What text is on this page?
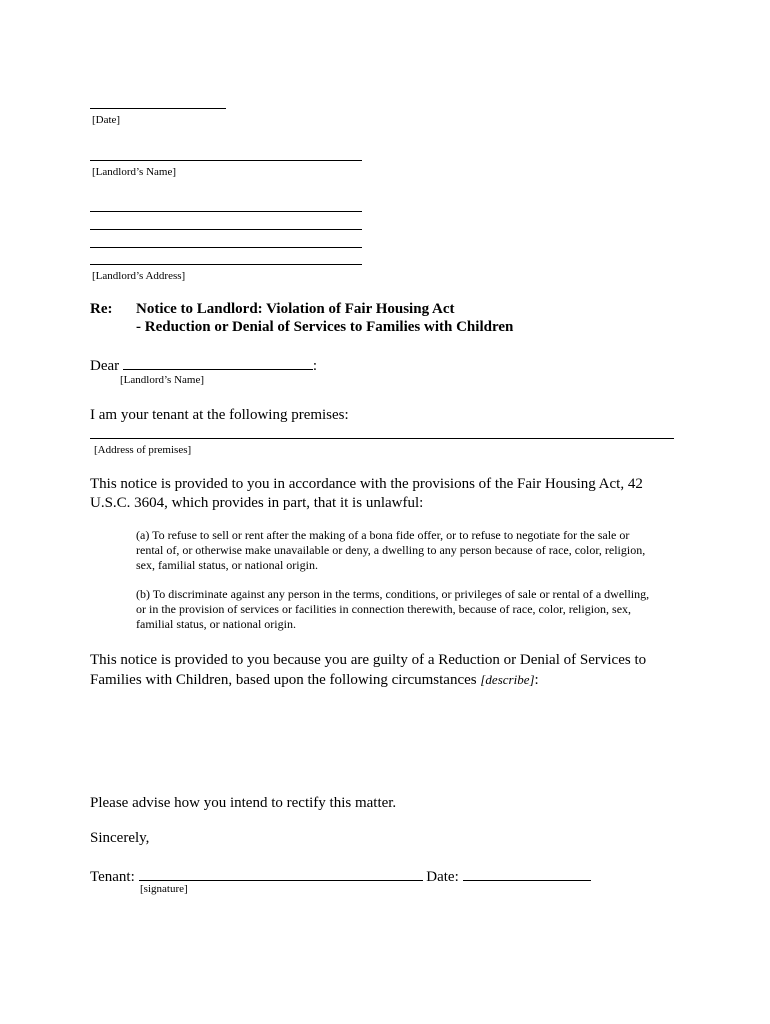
[Date]
[Landlord’s Name]
[Landlord’s Address]
Re: Notice to Landlord: Violation of Fair Housing Act
- Reduction or Denial of Services to Families with Children
Dear	:
[Landlord’s Name]
I am your tenant at the following premises:
[Address of premises]
This notice is provided to you in accordance with the provisions of the Fair Housing Act, 42
U.S.C. 3604, which provides in part, that it is unlawful:
(a) To refuse to sell or rent after the making of a bona fide offer, or to refuse to negotiate for the sale or
rental of, or otherwise make unavailable or deny, a dwelling to any person because of race, color, religion,
sex, familial status, or national origin.
(b) To discriminate against any person in the terms, conditions, or privileges of sale or rental of a dwelling,
or in the provision of services or facilities in connection therewith, because of race, color, religion, sex,
familial status, or national origin.
This notice is provided to you because you are guilty of a Reduction or Denial of Services to
Families with Children, based upon the following circumstances [describe]:
Please advise how you intend to rectify this matter.
Sincerely,
Tenant:	Date:
[signature]
